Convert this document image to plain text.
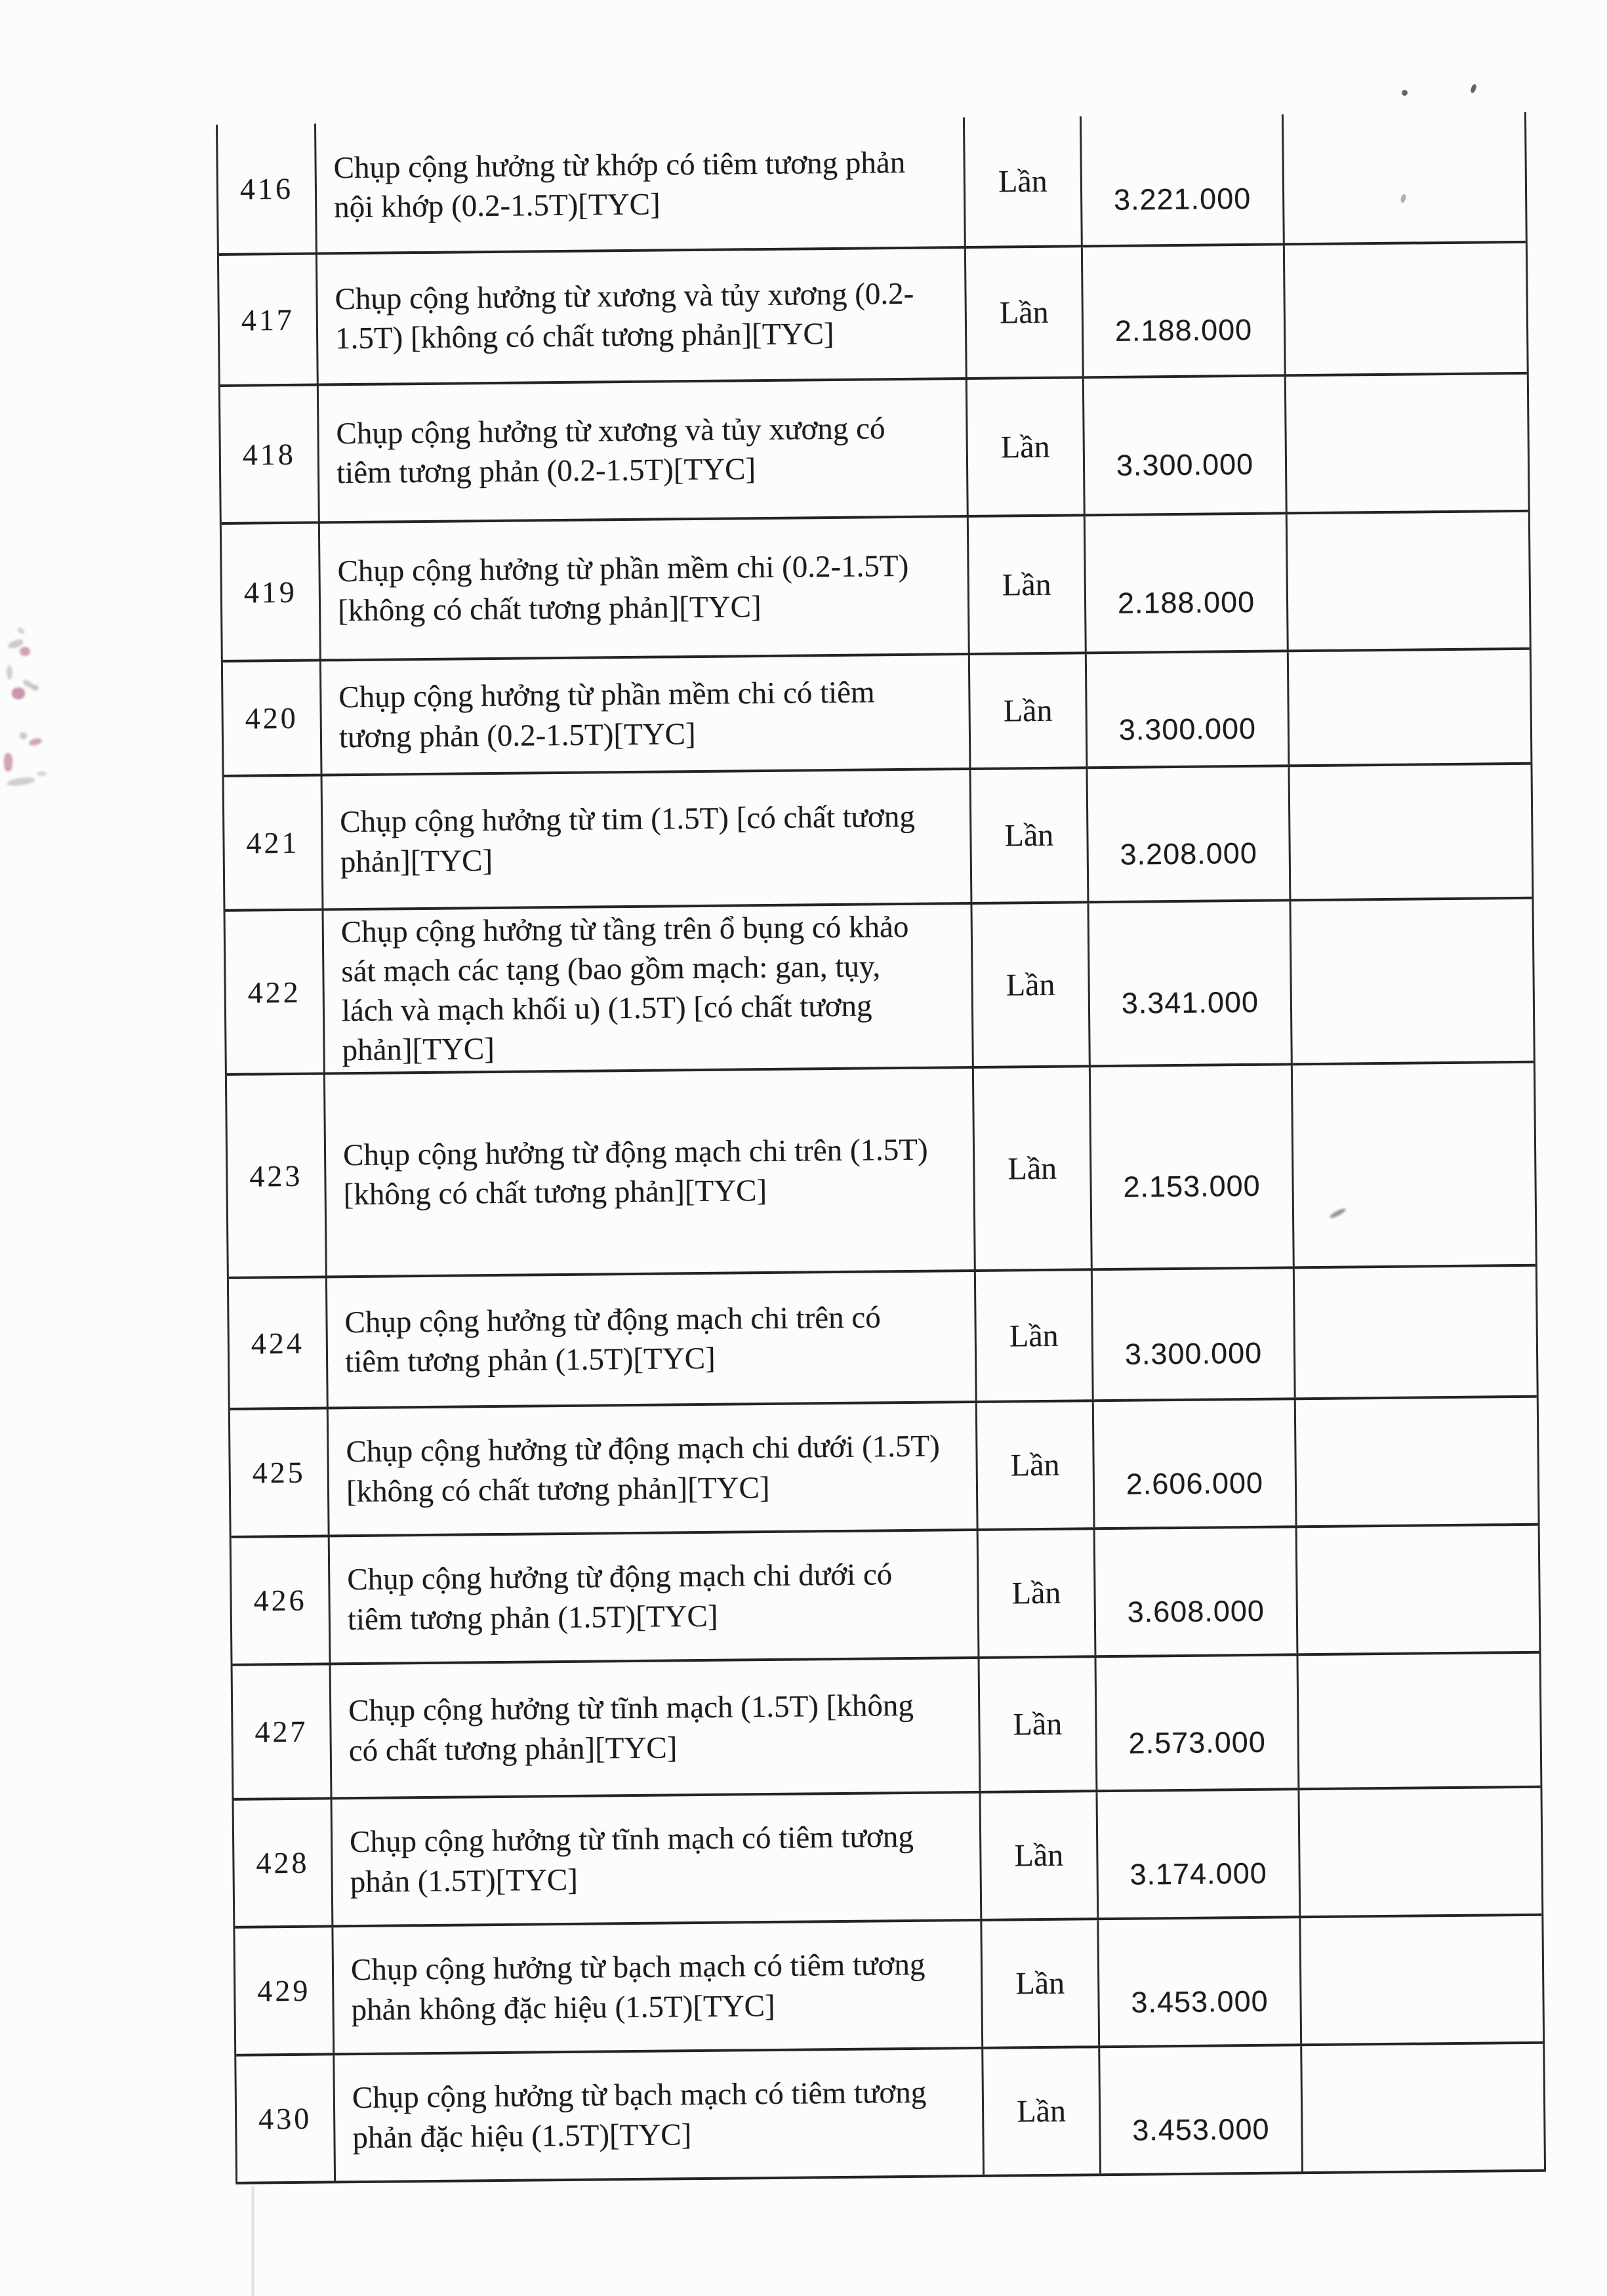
416
Chụp cộng hưởng từ khớp có tiêm tương phản nội khớp (0.2-1.5T)[TYC]
Lần
3.221.000
417
Chụp cộng hưởng từ xương và tủy xương (0.2-1.5T) [không có chất tương phản][TYC]
Lần
2.188.000
418
Chụp cộng hưởng từ xương và tủy xương có tiêm tương phản (0.2-1.5T)[TYC]
Lần
3.300.000
419
Chụp cộng hưởng từ phần mềm chi (0.2-1.5T) [không có chất tương phản][TYC]
Lần
2.188.000
420
Chụp cộng hưởng từ phần mềm chi có tiêm tương phản (0.2-1.5T)[TYC]
Lần
3.300.000
421
Chụp cộng hưởng từ tim (1.5T) [có chất tương phản][TYC]
Lần
3.208.000
422
Chụp cộng hưởng từ tầng trên ổ bụng có khảo sát mạch các tạng (bao gồm mạch: gan, tụy, lách và mạch khối u) (1.5T) [có chất tương phản][TYC]
Lần
3.341.000
423
Chụp cộng hưởng từ động mạch chi trên (1.5T) [không có chất tương phản][TYC]
Lần
2.153.000
424
Chụp cộng hưởng từ động mạch chi trên có tiêm tương phản (1.5T)[TYC]
Lần
3.300.000
425
Chụp cộng hưởng từ động mạch chi dưới (1.5T) [không có chất tương phản][TYC]
Lần
2.606.000
426
Chụp cộng hưởng từ động mạch chi dưới có tiêm tương phản (1.5T)[TYC]
Lần
3.608.000
427
Chụp cộng hưởng từ tĩnh mạch (1.5T) [không có chất tương phản][TYC]
Lần
2.573.000
428
Chụp cộng hưởng từ tĩnh mạch có tiêm tương phản (1.5T)[TYC]
Lần
3.174.000
429
Chụp cộng hưởng từ bạch mạch có tiêm tương phản không đặc hiệu (1.5T)[TYC]
Lần
3.453.000
430
Chụp cộng hưởng từ bạch mạch có tiêm tương phản đặc hiệu (1.5T)[TYC]
Lần
3.453.000
